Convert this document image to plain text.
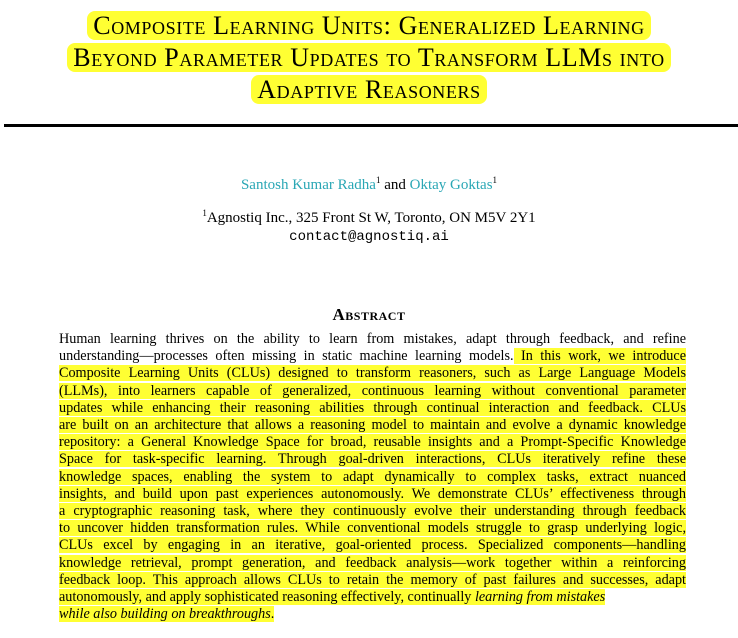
Composite Learning Units: Generalized Learning
Beyond Parameter Updates to Transform LLMs into
Adaptive Reasoners
Santosh Kumar Radha$^1$ and Oktay Goktas$^1$
$^1$Agnostiq Inc., 325 Front St W, Toronto, ON M5V 2Y1
contact@agnostiq.ai
Abstract
Human learning thrives on the ability to learn from mistakes, adapt through feedback, and refine
understanding—processes often missing in static machine learning models. In this work, we introduce
Composite Learning Units (CLUs) designed to transform reasoners, such as Large Language Models
(LLMs), into learners capable of generalized, continuous learning without conventional parameter
updates while enhancing their reasoning abilities through continual interaction and feedback. CLUs
are built on an architecture that allows a reasoning model to maintain and evolve a dynamic knowledge
repository: a General Knowledge Space for broad, reusable insights and a Prompt-Specific Knowledge
Space for task-specific learning. Through goal-driven interactions, CLUs iteratively refine these
knowledge spaces, enabling the system to adapt dynamically to complex tasks, extract nuanced
insights, and build upon past experiences autonomously. We demonstrate CLUs’ effectiveness through
a cryptographic reasoning task, where they continuously evolve their understanding through feedback
to uncover hidden transformation rules. While conventional models struggle to grasp underlying logic,
CLUs excel by engaging in an iterative, goal-oriented process. Specialized components—handling
knowledge retrieval, prompt generation, and feedback analysis—work together within a reinforcing
feedback loop. This approach allows CLUs to retain the memory of past failures and successes, adapt
autonomously, and apply sophisticated reasoning effectively, continually learning from mistakes
while also building on breakthroughs.
